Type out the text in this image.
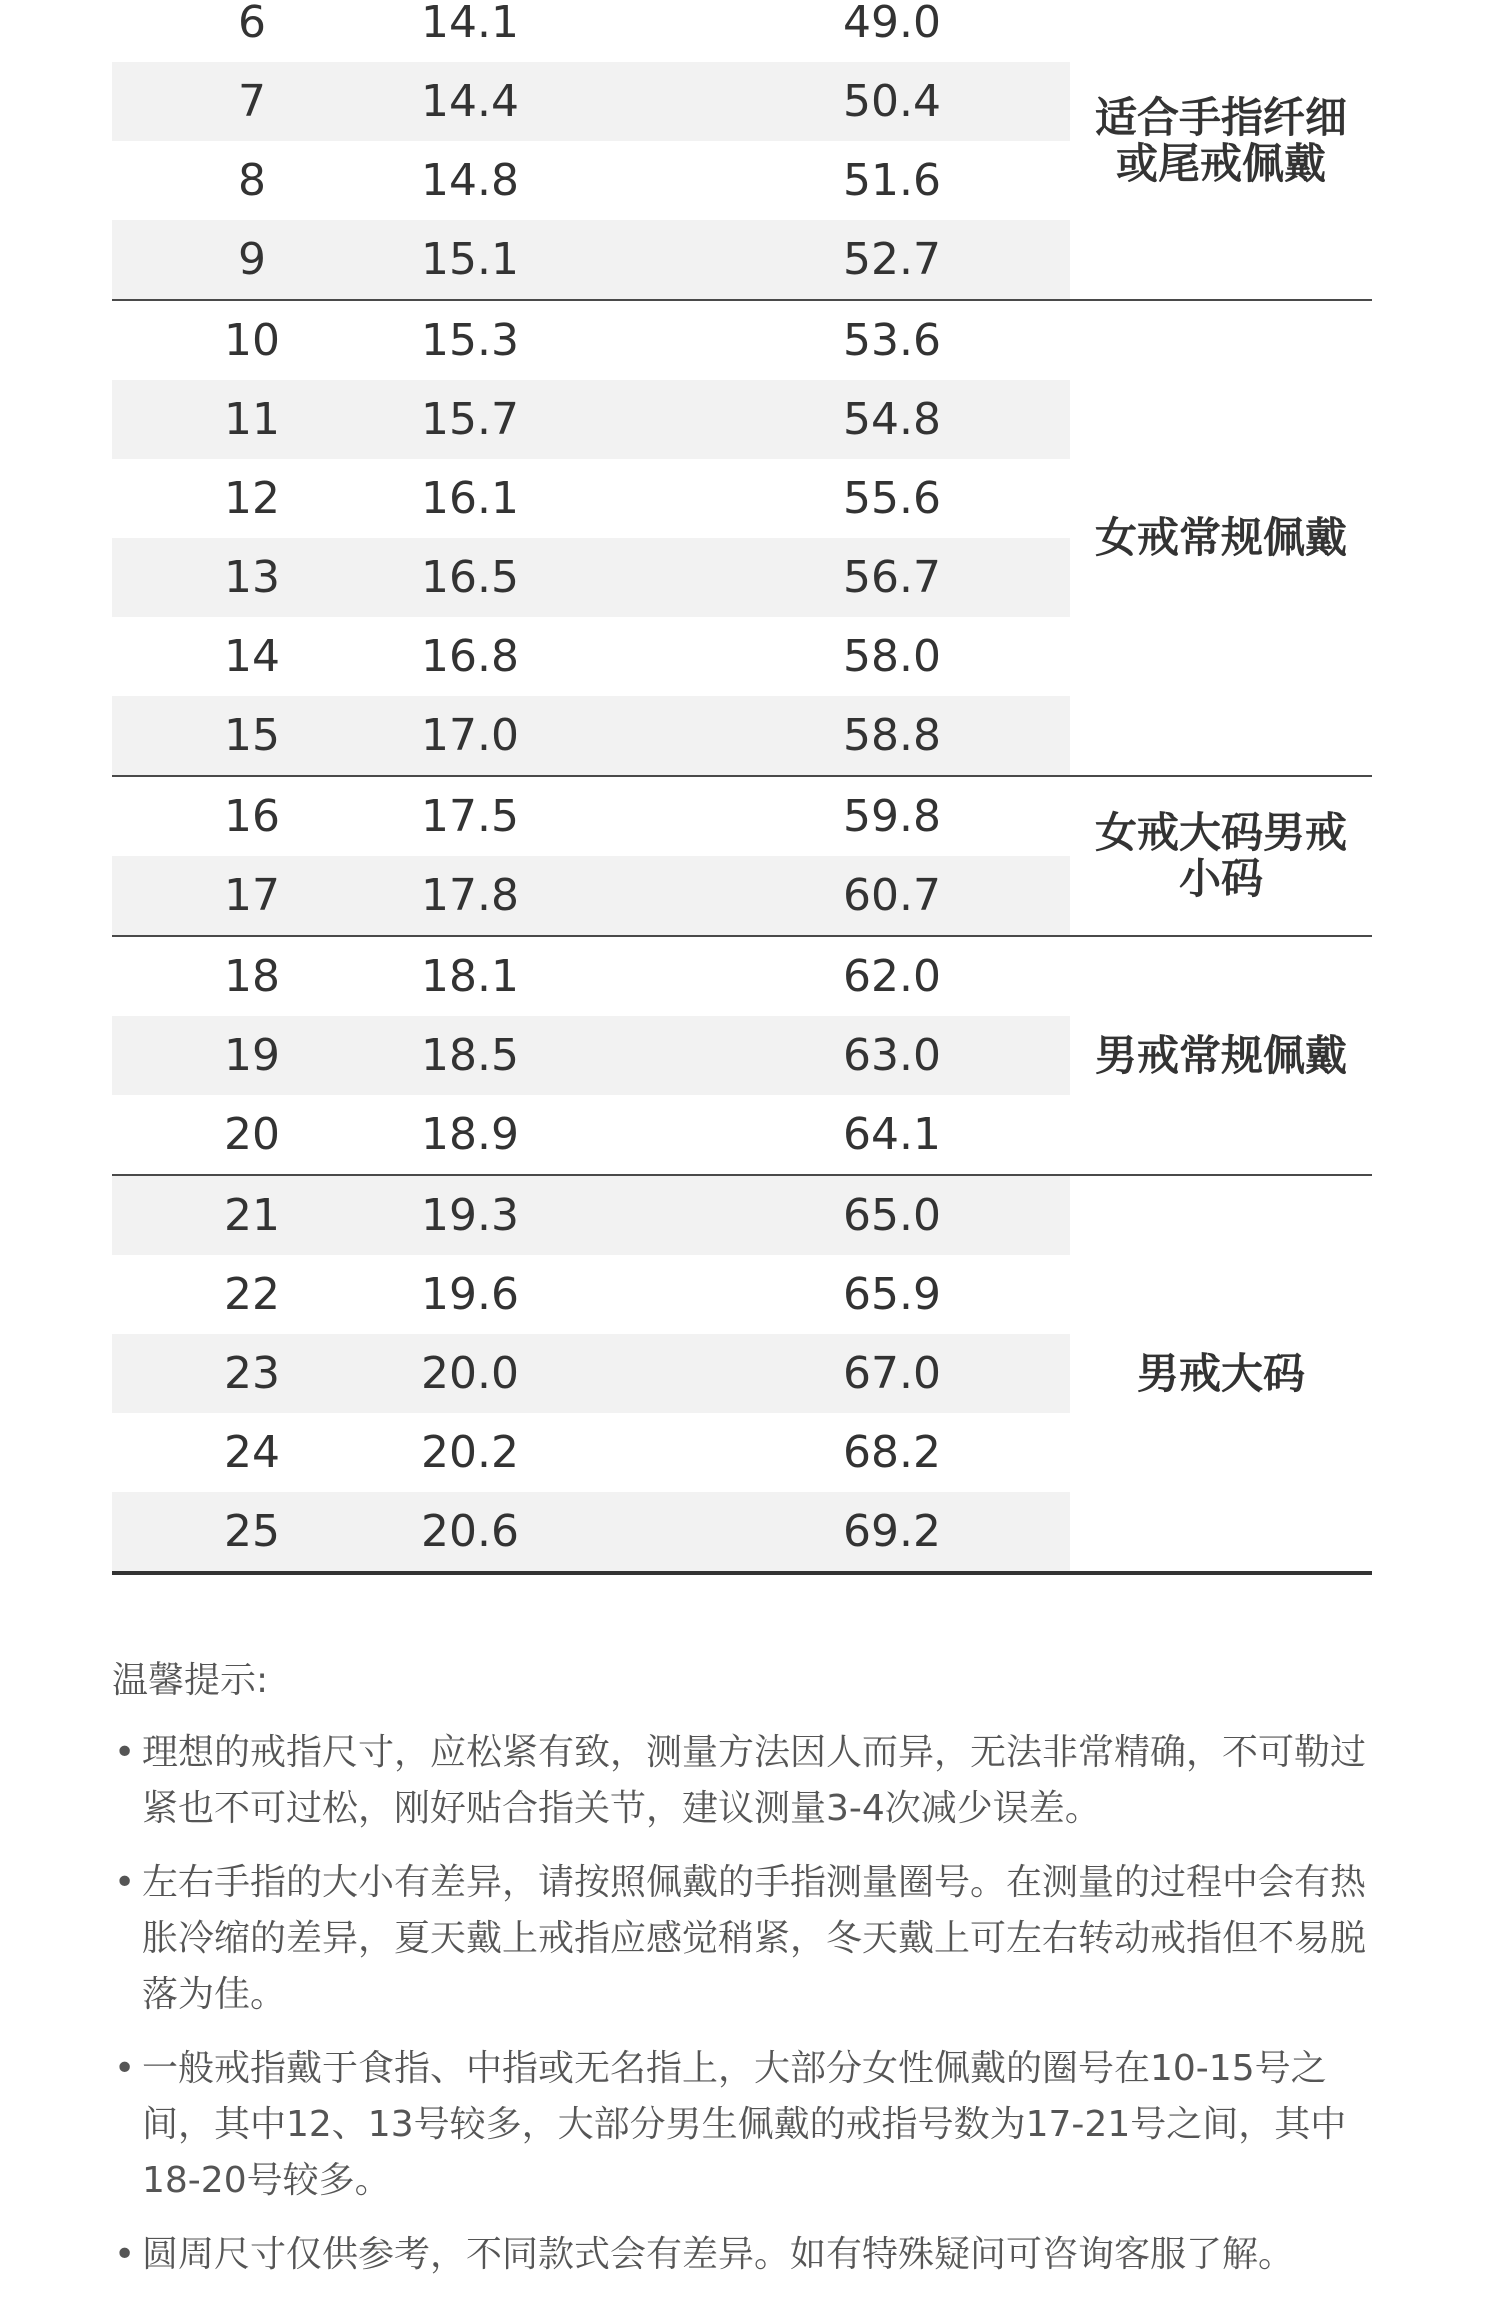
6	14.1	49.0
7	14.4	50.4
8	14.8	51.6
9	15.1	52.7
适合手指纤细或尾戒佩戴
10	15.3	53.6
11	15.7	54.8
12	16.1	55.6
13	16.5	56.7
14	16.8	58.0
15	17.0	58.8
女戒常规佩戴
16	17.5	59.8
17	17.8	60.7
女戒大码男戒小码
18	18.1	62.0
19	18.5	63.0
20	18.9	64.1
男戒常规佩戴
21	19.3	65.0
22	19.6	65.9
23	20.0	67.0
24	20.2	68.2
25	20.6	69.2
男戒大码
温馨提示:
• 理想的戒指尺寸，应松紧有致，测量方法因人而异，无法非常精确，不可勒过紧也不可过松，刚好贴合指关节，建议测量3-4次减少误差。
• 左右手指的大小有差异，请按照佩戴的手指测量圈号。在测量的过程中会有热胀冷缩的差异，夏天戴上戒指应感觉稍紧，冬天戴上可左右转动戒指但不易脱落为佳。
• 一般戒指戴于食指、中指或无名指上，大部分女性佩戴的圈号在10-15号之间，其中12、13号较多，大部分男生佩戴的戒指号数为17-21号之间，其中18-20号较多。
• 圆周尺寸仅供参考，不同款式会有差异。如有特殊疑问可咨询客服了解。
